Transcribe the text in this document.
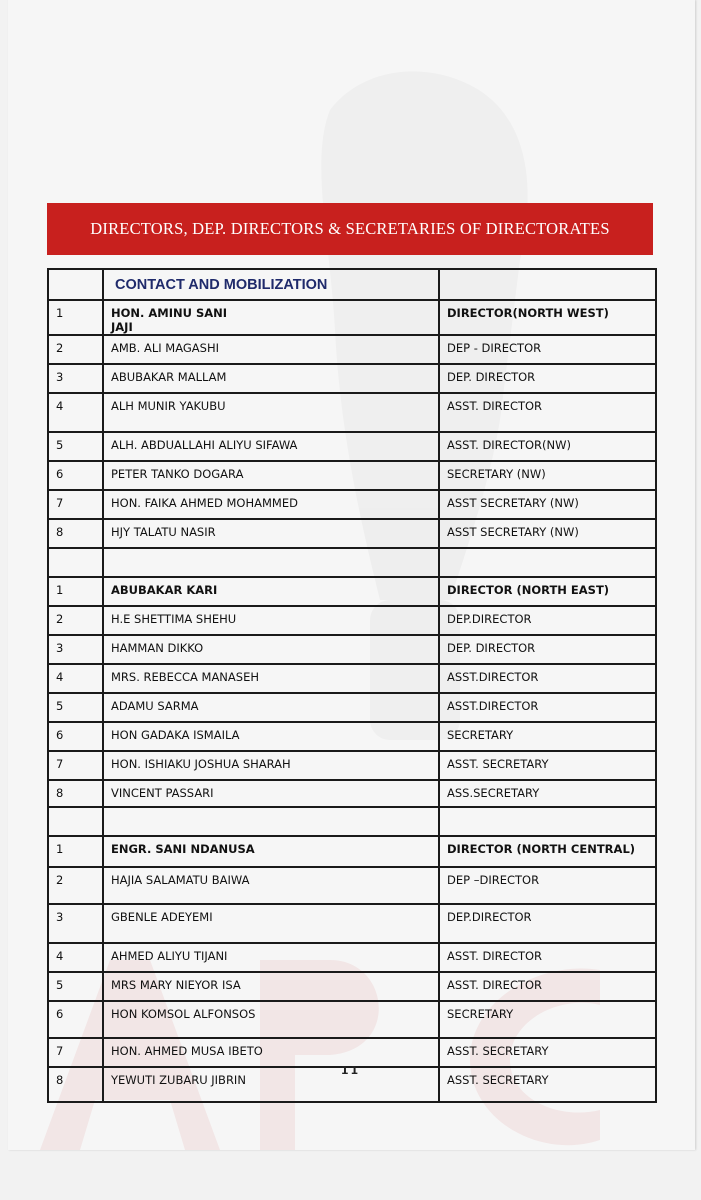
DIRECTORS, DEP. DIRECTORS & SECRETARIES OF DIRECTORATES
	CONTACT AND MOBILIZATION	
1	HON. AMINU SANI JAJI	DIRECTOR(NORTH WEST)
2	AMB. ALI MAGASHI	DEP - DIRECTOR
3	ABUBAKAR MALLAM	DEP. DIRECTOR
4	ALH MUNIR YAKUBU	ASST. DIRECTOR
5	ALH. ABDUALLAHI ALIYU SIFAWA	ASST. DIRECTOR(NW)
6	PETER TANKO DOGARA	SECRETARY (NW)
7	HON. FAIKA AHMED MOHAMMED	ASST SECRETARY (NW)
8	HJY TALATU NASIR	ASST SECRETARY (NW)

1	ABUBAKAR KARI	DIRECTOR (NORTH EAST)
2	H.E SHETTIMA SHEHU	DEP.DIRECTOR
3	HAMMAN DIKKO	DEP. DIRECTOR
4	MRS. REBECCA MANASEH	ASST.DIRECTOR
5	ADAMU SARMA	ASST.DIRECTOR
6	HON GADAKA ISMAILA	SECRETARY
7	HON. ISHIAKU JOSHUA SHARAH	ASST. SECRETARY
8	VINCENT PASSARI	ASS.SECRETARY

1	ENGR. SANI NDANUSA	DIRECTOR (NORTH CENTRAL)
2	HAJIA SALAMATU BAIWA	DEP –DIRECTOR
3	GBENLE ADEYEMI	DEP.DIRECTOR
4	AHMED ALIYU TIJANI	ASST. DIRECTOR
5	MRS MARY NIEYOR ISA	ASST. DIRECTOR
6	HON KOMSOL ALFONSOS	SECRETARY
7	HON. AHMED MUSA IBETO	ASST. SECRETARY
8	YEWUTI ZUBARU JIBRIN	ASST. SECRETARY
11
